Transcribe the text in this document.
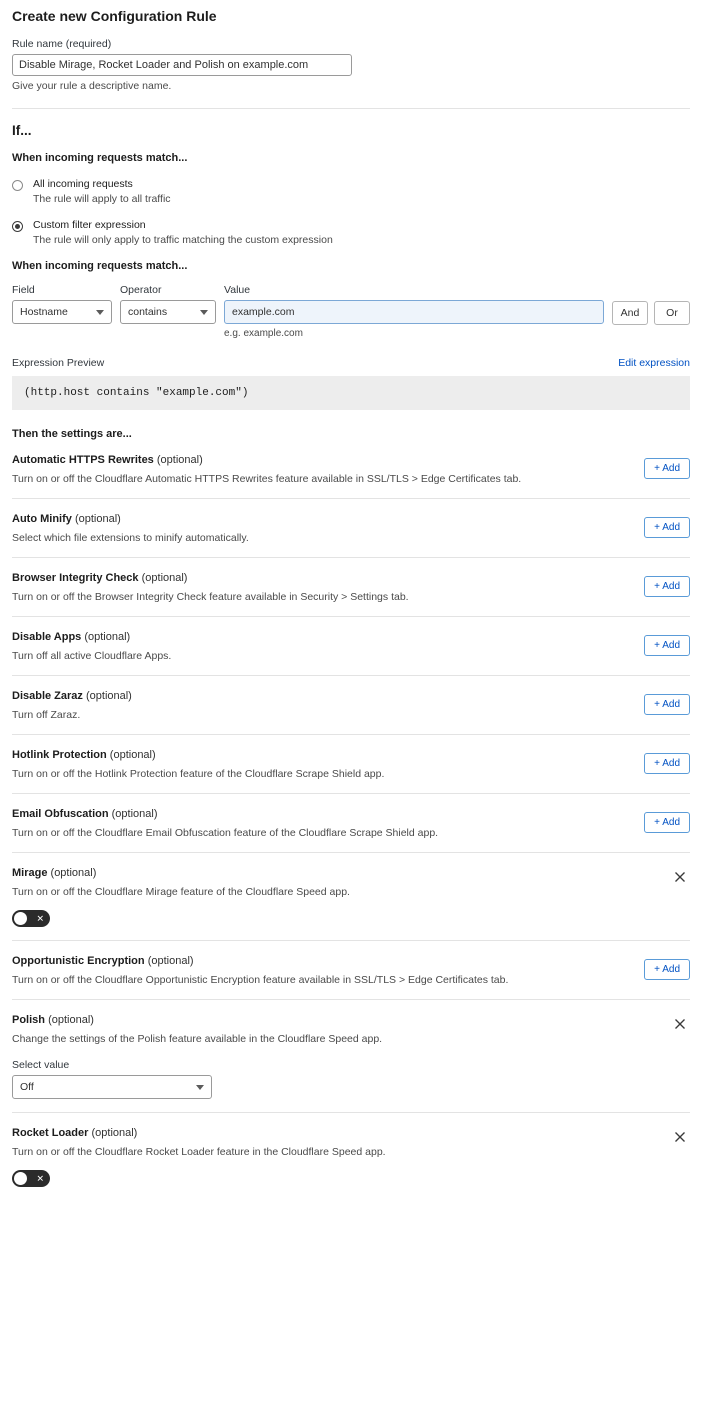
Create new Configuration Rule
Rule name (required)
Disable Mirage, Rocket Loader and Polish on example.com
Give your rule a descriptive name.
If...
When incoming requests match...
All incoming requests
The rule will apply to all traffic
Custom filter expression
The rule will only apply to traffic matching the custom expression
When incoming requests match...
Field
Hostname
Operator
contains
Value
example.com
e.g. example.com
And	Or
Expression Preview	Edit expression
(http.host contains "example.com")
Then the settings are...
Automatic HTTPS Rewrites (optional)
Turn on or off the Cloudflare Automatic HTTPS Rewrites feature available in SSL/TLS > Edge Certificates tab.
+ Add
Auto Minify (optional)
Select which file extensions to minify automatically.
+ Add
Browser Integrity Check (optional)
Turn on or off the Browser Integrity Check feature available in Security > Settings tab.
+ Add
Disable Apps (optional)
Turn off all active Cloudflare Apps.
+ Add
Disable Zaraz (optional)
Turn off Zaraz.
+ Add
Hotlink Protection (optional)
Turn on or off the Hotlink Protection feature of the Cloudflare Scrape Shield app.
+ Add
Email Obfuscation (optional)
Turn on or off the Cloudflare Email Obfuscation feature of the Cloudflare Scrape Shield app.
+ Add
Mirage (optional)
Turn on or off the Cloudflare Mirage feature of the Cloudflare Speed app.
✕
Opportunistic Encryption (optional)
Turn on or off the Cloudflare Opportunistic Encryption feature available in SSL/TLS > Edge Certificates tab.
+ Add
Polish (optional)
Change the settings of the Polish feature available in the Cloudflare Speed app.
Select value
Off
Rocket Loader (optional)
Turn on or off the Cloudflare Rocket Loader feature in the Cloudflare Speed app.
✕
